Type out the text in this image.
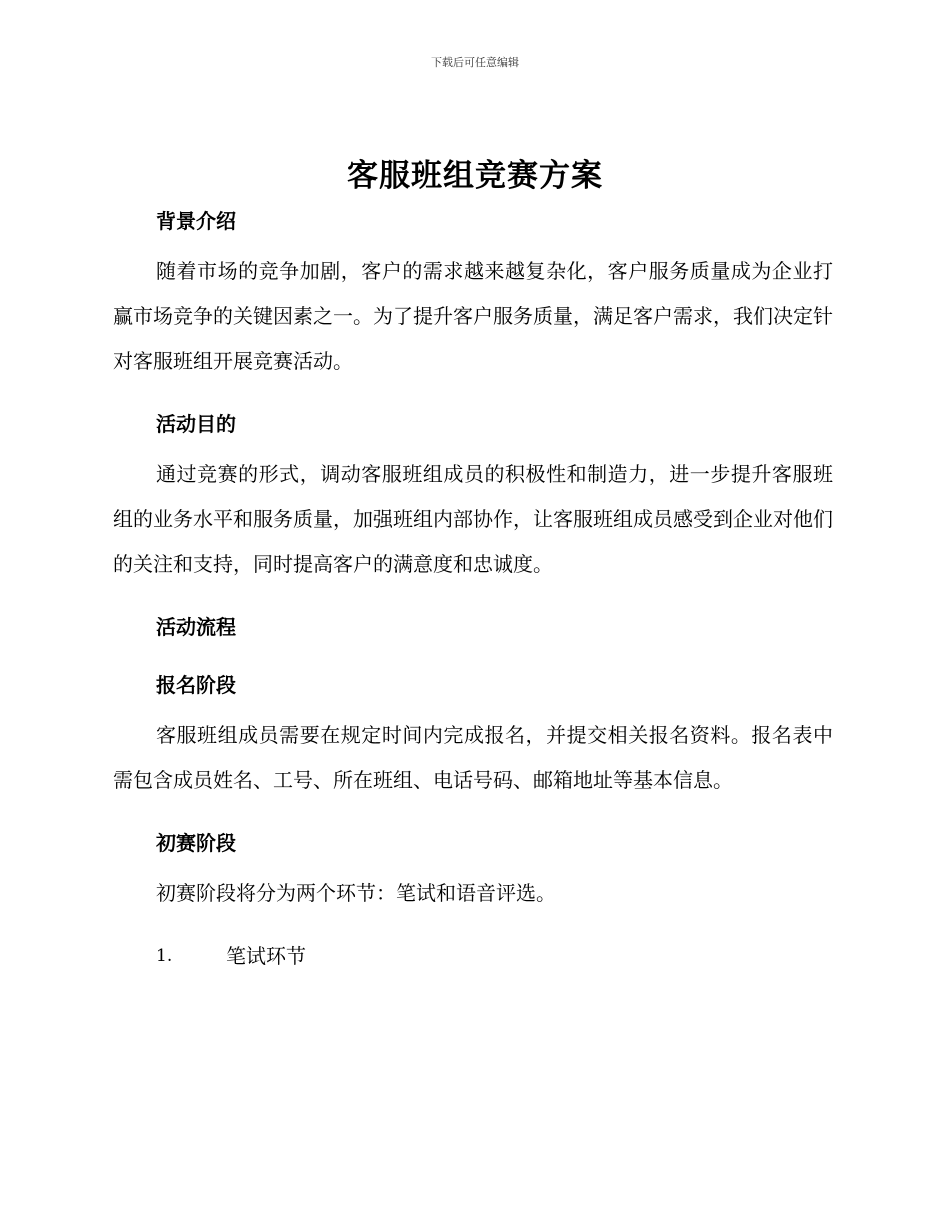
下载后可任意编辑
客服班组竞赛方案
背景介绍

随着市场的竞争加剧，客户的需求越来越复杂化，客户服务质量成为企业打赢市场竞争的关键因素之一。为了提升客户服务质量，满足客户需求，我们决定针对客服班组开展竞赛活动。

活动目的

通过竞赛的形式，调动客服班组成员的积极性和制造力，进一步提升客服班组的业务水平和服务质量，加强班组内部协作，让客服班组成员感受到企业对他们的关注和支持，同时提高客户的满意度和忠诚度。

活动流程
报名阶段

客服班组成员需要在规定时间内完成报名，并提交相关报名资料。报名表中需包含成员姓名、工号、所在班组、电话号码、邮箱地址等基本信息。

初赛阶段

初赛阶段将分为两个环节：笔试和语音评选。

1.	笔试环节
